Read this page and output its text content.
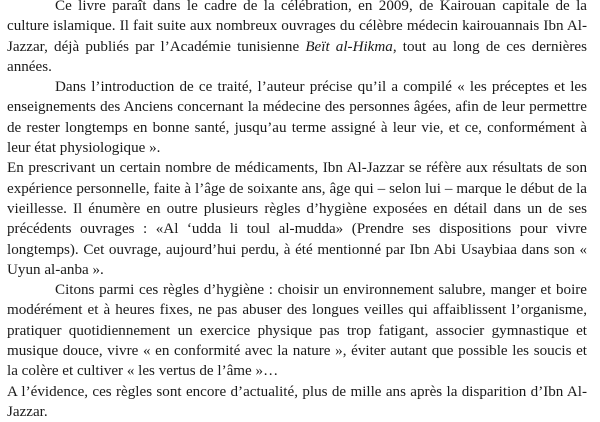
Ce livre paraît dans le cadre de la célébration, en 2009, de Kairouan capitale de la culture islamique. Il fait suite aux nombreux ouvrages du célèbre médecin kairouannais Ibn Al-Jazzar, déjà publiés par l’Académie tunisienne Beït al-Hikma, tout au long de ces dernières années.

Dans l’introduction de ce traité, l’auteur précise qu’il a compilé « les préceptes et les enseignements des Anciens concernant la médecine des personnes âgées, afin de leur permettre de rester longtemps en bonne santé, jusqu’au terme assigné à leur vie, et ce, conformément à leur état physiologique ».

En prescrivant un certain nombre de médicaments, Ibn Al-Jazzar se réfère aux résultats de son expérience personnelle, faite à l’âge de soixante ans, âge qui – selon lui – marque le début de la vieillesse. Il énumère en outre plusieurs règles d’hygiène exposées en détail dans un de ses précédents ouvrages : «Al ‘udda li toul al-mudda» (Prendre ses dispositions pour vivre longtemps). Cet ouvrage, aujourd’hui perdu, à été mentionné par Ibn Abi Usaybiaa dans son « Uyun al-anba ».

Citons parmi ces règles d’hygiène : choisir un environnement salubre, manger et boire modérément et à heures fixes, ne pas abuser des longues veilles qui affaiblissent l’organisme, pratiquer quotidiennement un exercice physique pas trop fatigant, associer gymnastique et musique douce, vivre « en conformité avec la nature », éviter autant que possible les soucis et la colère et cultiver « les vertus de l’âme »…

A l’évidence, ces règles sont encore d’actualité, plus de mille ans après la disparition d’Ibn Al-Jazzar.
